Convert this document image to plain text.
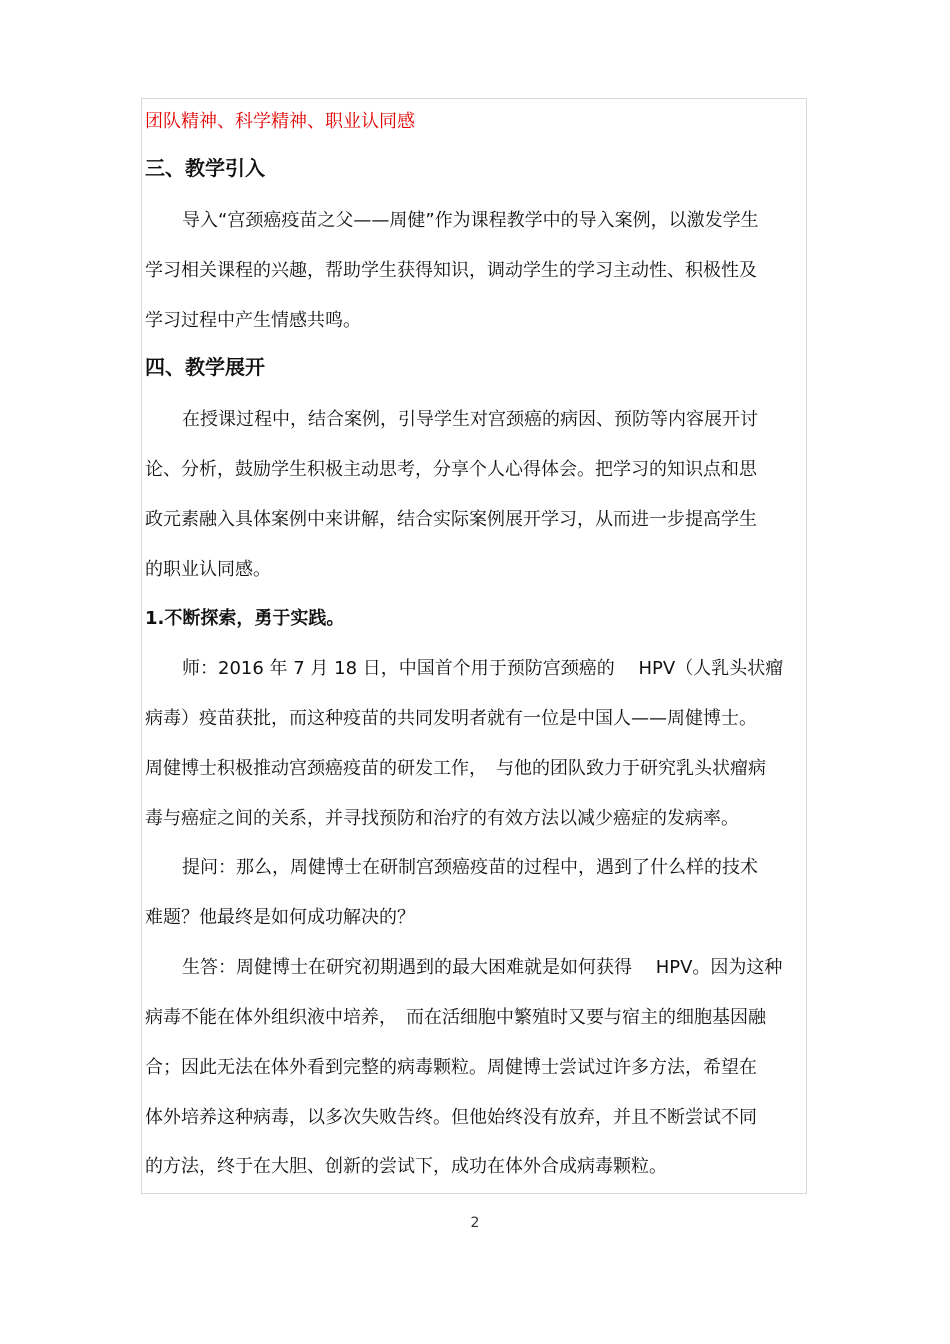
团队精神、科学精神、职业认同感

三、教学引入

导入“宫颈癌疫苗之父——周健”作为课程教学中的导入案例，以激发学生

学习相关课程的兴趣，帮助学生获得知识，调动学生的学习主动性、积极性及

学习过程中产生情感共鸣。

四、教学展开

在授课过程中，结合案例，引导学生对宫颈癌的病因、预防等内容展开讨

论、分析，鼓励学生积极主动思考，分享个人心得体会。把学习的知识点和思

政元素融入具体案例中来讲解，结合实际案例展开学习，从而进一步提高学生

的职业认同感。

1.不断探索，勇于实践。

师：2016 年 7 月 18 日，中国首个用于预防宫颈癌的　 HPV（人乳头状瘤

病毒）疫苗获批，而这种疫苗的共同发明者就有一位是中国人——周健博士。

周健博士积极推动宫颈癌疫苗的研发工作，　与他的团队致力于研究乳头状瘤病

毒与癌症之间的关系，并寻找预防和治疗的有效方法以减少癌症的发病率。

提问：那么，周健博士在研制宫颈癌疫苗的过程中，遇到了什么样的技术

难题？他最终是如何成功解决的？

生答：周健博士在研究初期遇到的最大困难就是如何获得　 HPV。因为这种

病毒不能在体外组织液中培养，　而在活细胞中繁殖时又要与宿主的细胞基因融

合；因此无法在体外看到完整的病毒颗粒。周健博士尝试过许多方法，希望在

体外培养这种病毒，以多次失败告终。但他始终没有放弃，并且不断尝试不同

的方法，终于在大胆、创新的尝试下，成功在体外合成病毒颗粒。

2
